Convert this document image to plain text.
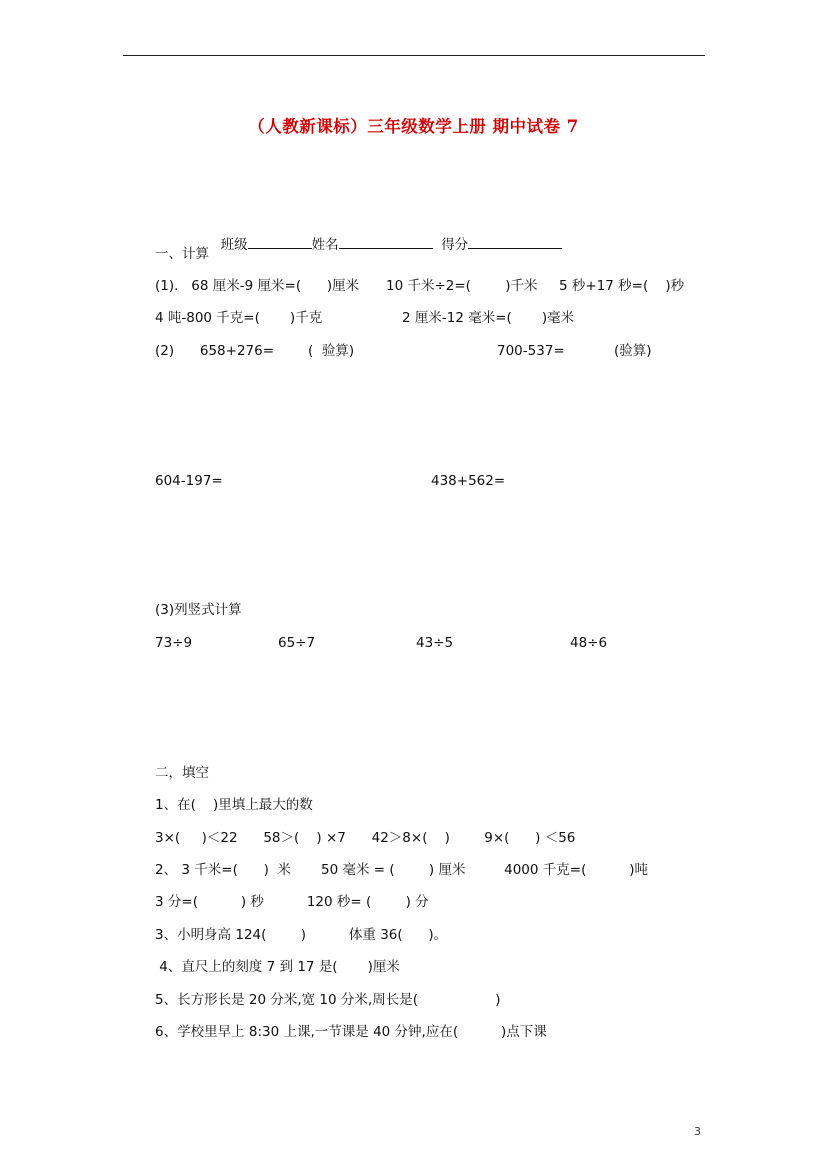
（人教新课标）三年级数学上册 期中试卷 7

班级	姓名	得分

一、计算
(1).   68 厘米-9 厘米=(      )厘米 10 千米÷2=(        )千米 5 秒+17 秒=(    )秒
4 吨-800 千克=(       )千克	2 厘米-12 毫米=(       )毫米
(2)      658+276=	(  验算)	700-537=	(验算)
604-197=	438+562=
(3)列竖式计算
73÷9	65÷7	43÷5	48÷6
二，填空
1、在(    )里填上最大的数
3×(     )＜22      58＞(    ) ×7      42＞8×(    )        9×(      ) ＜56
2、 3 千米=(      )  米       50 毫米 = (        ) 厘米         4000 千克=(          )吨
3 分=(          ) 秒          120 秒= (        ) 分
3、小明身高 124(        )          体重 36(      )。
4、直尺上的刻度 7 到 17 是(       )厘米
5、长方形长是 20 分米,宽 10 分米,周长是(                  )
6、学校里早上 8:30 上课,一节课是 40 分钟,应在(          )点下课
3
